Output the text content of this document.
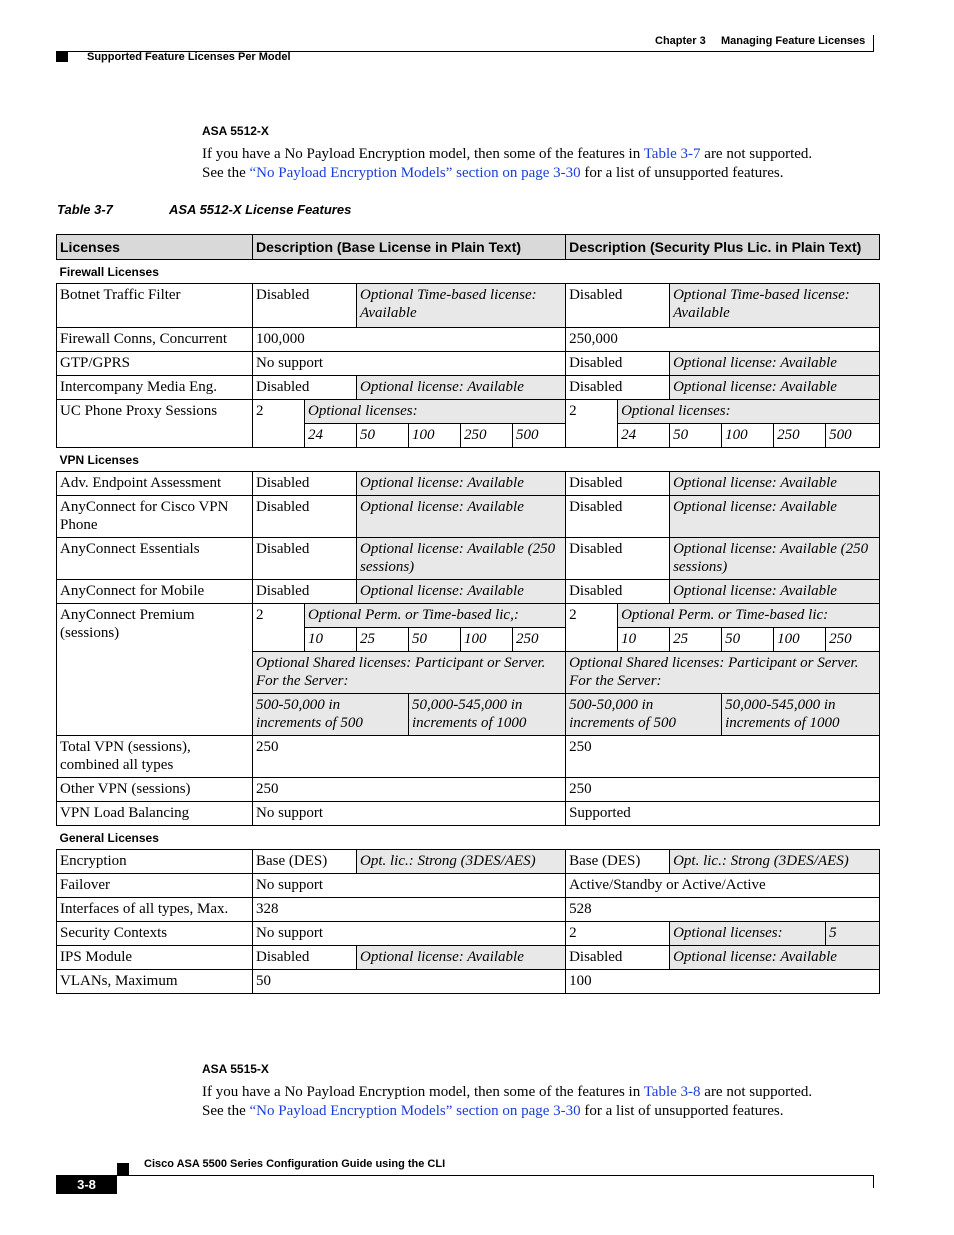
Chapter 3 Managing Feature Licenses
Supported Feature Licenses Per Model
ASA 5512-X
If you have a No Payload Encryption model, then some of the features in Table 3-7 are not supported.
See the “No Payload Encryption Models” section on page 3-30 for a list of unsupported features.
Table 3-7	ASA 5512-X License Features
Licenses	Description (Base License in Plain Text)						Description (Security Plus Lic. in Plain Text)					
Firewall Licenses												
Botnet Traffic Filter	Disabled		Optional Time-based license: Available				Disabled		Optional Time-based license: Available			
Firewall Conns, Concurrent	100,000						250,000					
GTP/GPRS	No support						Disabled		Optional license: Available			
Intercompany Media Eng.	Disabled		Optional license: Available				Disabled		Optional license: Available			
UC Phone Proxy Sessions	2	Optional licenses:					2	Optional licenses:				
		24	50	100	250	500		24	50	100	250	500
VPN Licenses												
Adv. Endpoint Assessment	Disabled		Optional license: Available				Disabled		Optional license: Available			
AnyConnect for Cisco VPN Phone	Disabled		Optional license: Available				Disabled		Optional license: Available			
AnyConnect Essentials	Disabled		Optional license: Available (250 sessions)				Disabled		Optional license: Available (250 sessions)			
AnyConnect for Mobile	Disabled		Optional license: Available				Disabled		Optional license: Available			
AnyConnect Premium (sessions)	2	Optional Perm. or Time-based lic,:					2	Optional Perm. or Time-based lic:				
		10	25	50	100	250		10	25	50	100	250
	Optional Shared licenses: Participant or Server. For the Server:						Optional Shared licenses: Participant or Server. For the Server:					
	500-50,000 in increments of 500			50,000-545,000 in increments of 1000			500-50,000 in increments of 500			50,000-545,000 in increments of 1000		
Total VPN (sessions), combined all types	250						250					
Other VPN (sessions)	250						250					
VPN Load Balancing	No support						Supported					
General Licenses												
Encryption	Base (DES)		Opt. lic.: Strong (3DES/AES)				Base (DES)		Opt. lic.: Strong (3DES/AES)			
Failover	No support						Active/Standby or Active/Active					
Interfaces of all types, Max.	328						528					
Security Contexts	No support						2		Optional licenses:			5
IPS Module	Disabled		Optional license: Available				Disabled		Optional license: Available			
VLANs, Maximum	50						100					
ASA 5515-X
If you have a No Payload Encryption model, then some of the features in Table 3-8 are not supported.
See the “No Payload Encryption Models” section on page 3-30 for a list of unsupported features.
Cisco ASA 5500 Series Configuration Guide using the CLI
3-8
